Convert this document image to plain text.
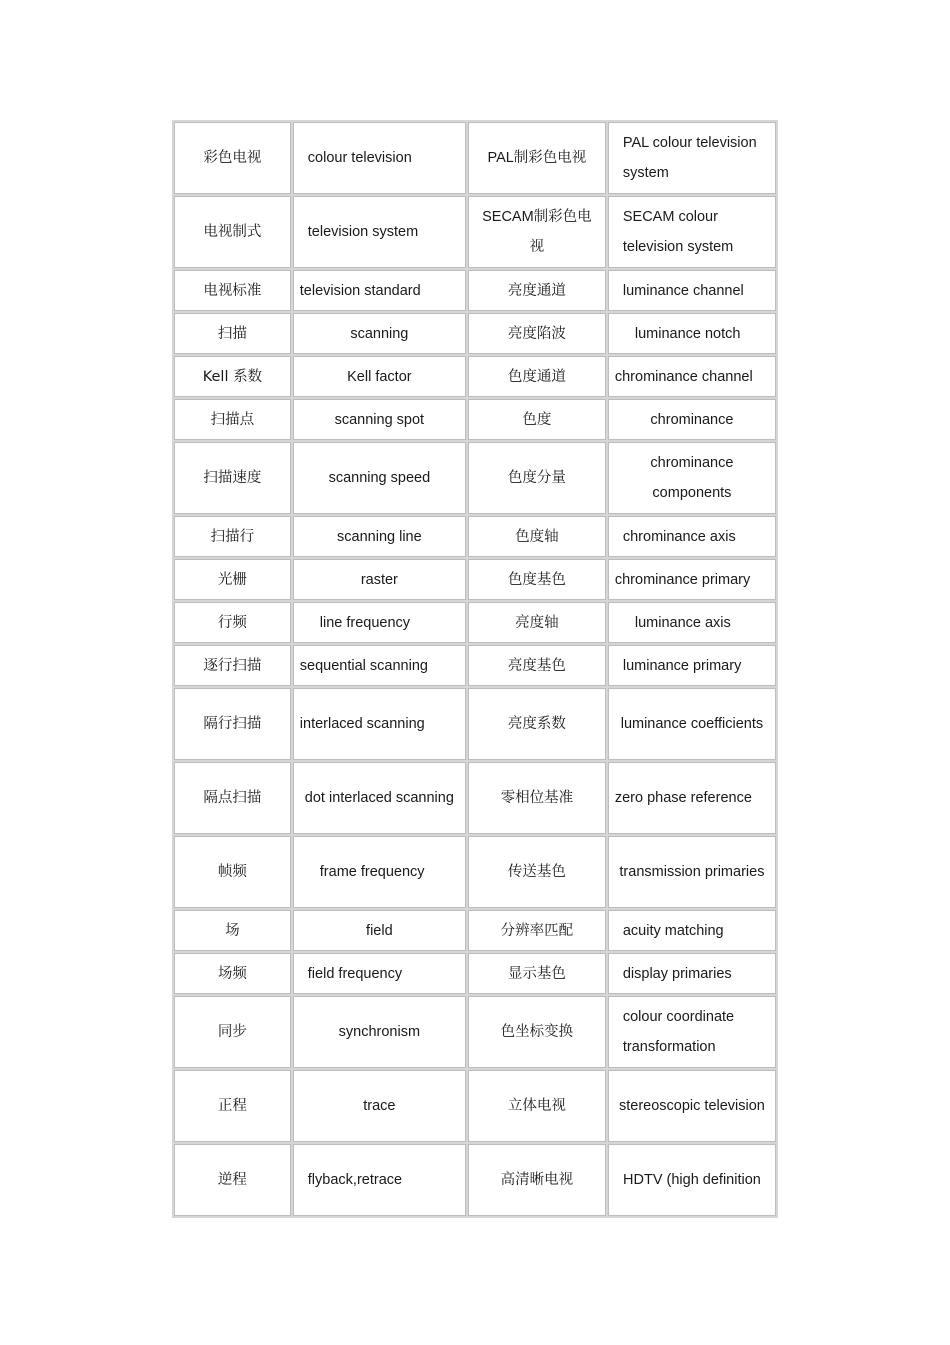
彩色电视	colour television	PAL制彩色电视	PAL colour television system
电视制式	television system	SECAM制彩色电视	SECAM colour television system
电视标准	television standard	亮度通道	luminance channel
扫描	scanning	亮度陷波	luminance notch
Kell 系数	Kell factor	色度通道	chrominance channel
扫描点	scanning spot	色度	chrominance
扫描速度	scanning speed	色度分量	chrominance components
扫描行	scanning line	色度轴	chrominance axis
光栅	raster	色度基色	chrominance primary
行频	line frequency	亮度轴	luminance axis
逐行扫描	sequential scanning	亮度基色	luminance primary
隔行扫描	interlaced scanning	亮度系数	luminance coefficients
隔点扫描	dot interlaced scanning	零相位基准	zero phase reference
帧频	frame frequency	传送基色	transmission primaries
场	field	分辨率匹配	acuity matching
场频	field frequency	显示基色	display primaries
同步	synchronism	色坐标变换	colour coordinate transformation
正程	trace	立体电视	stereoscopic television
逆程	flyback,retrace	高清晰电视	HDTV (high definition
